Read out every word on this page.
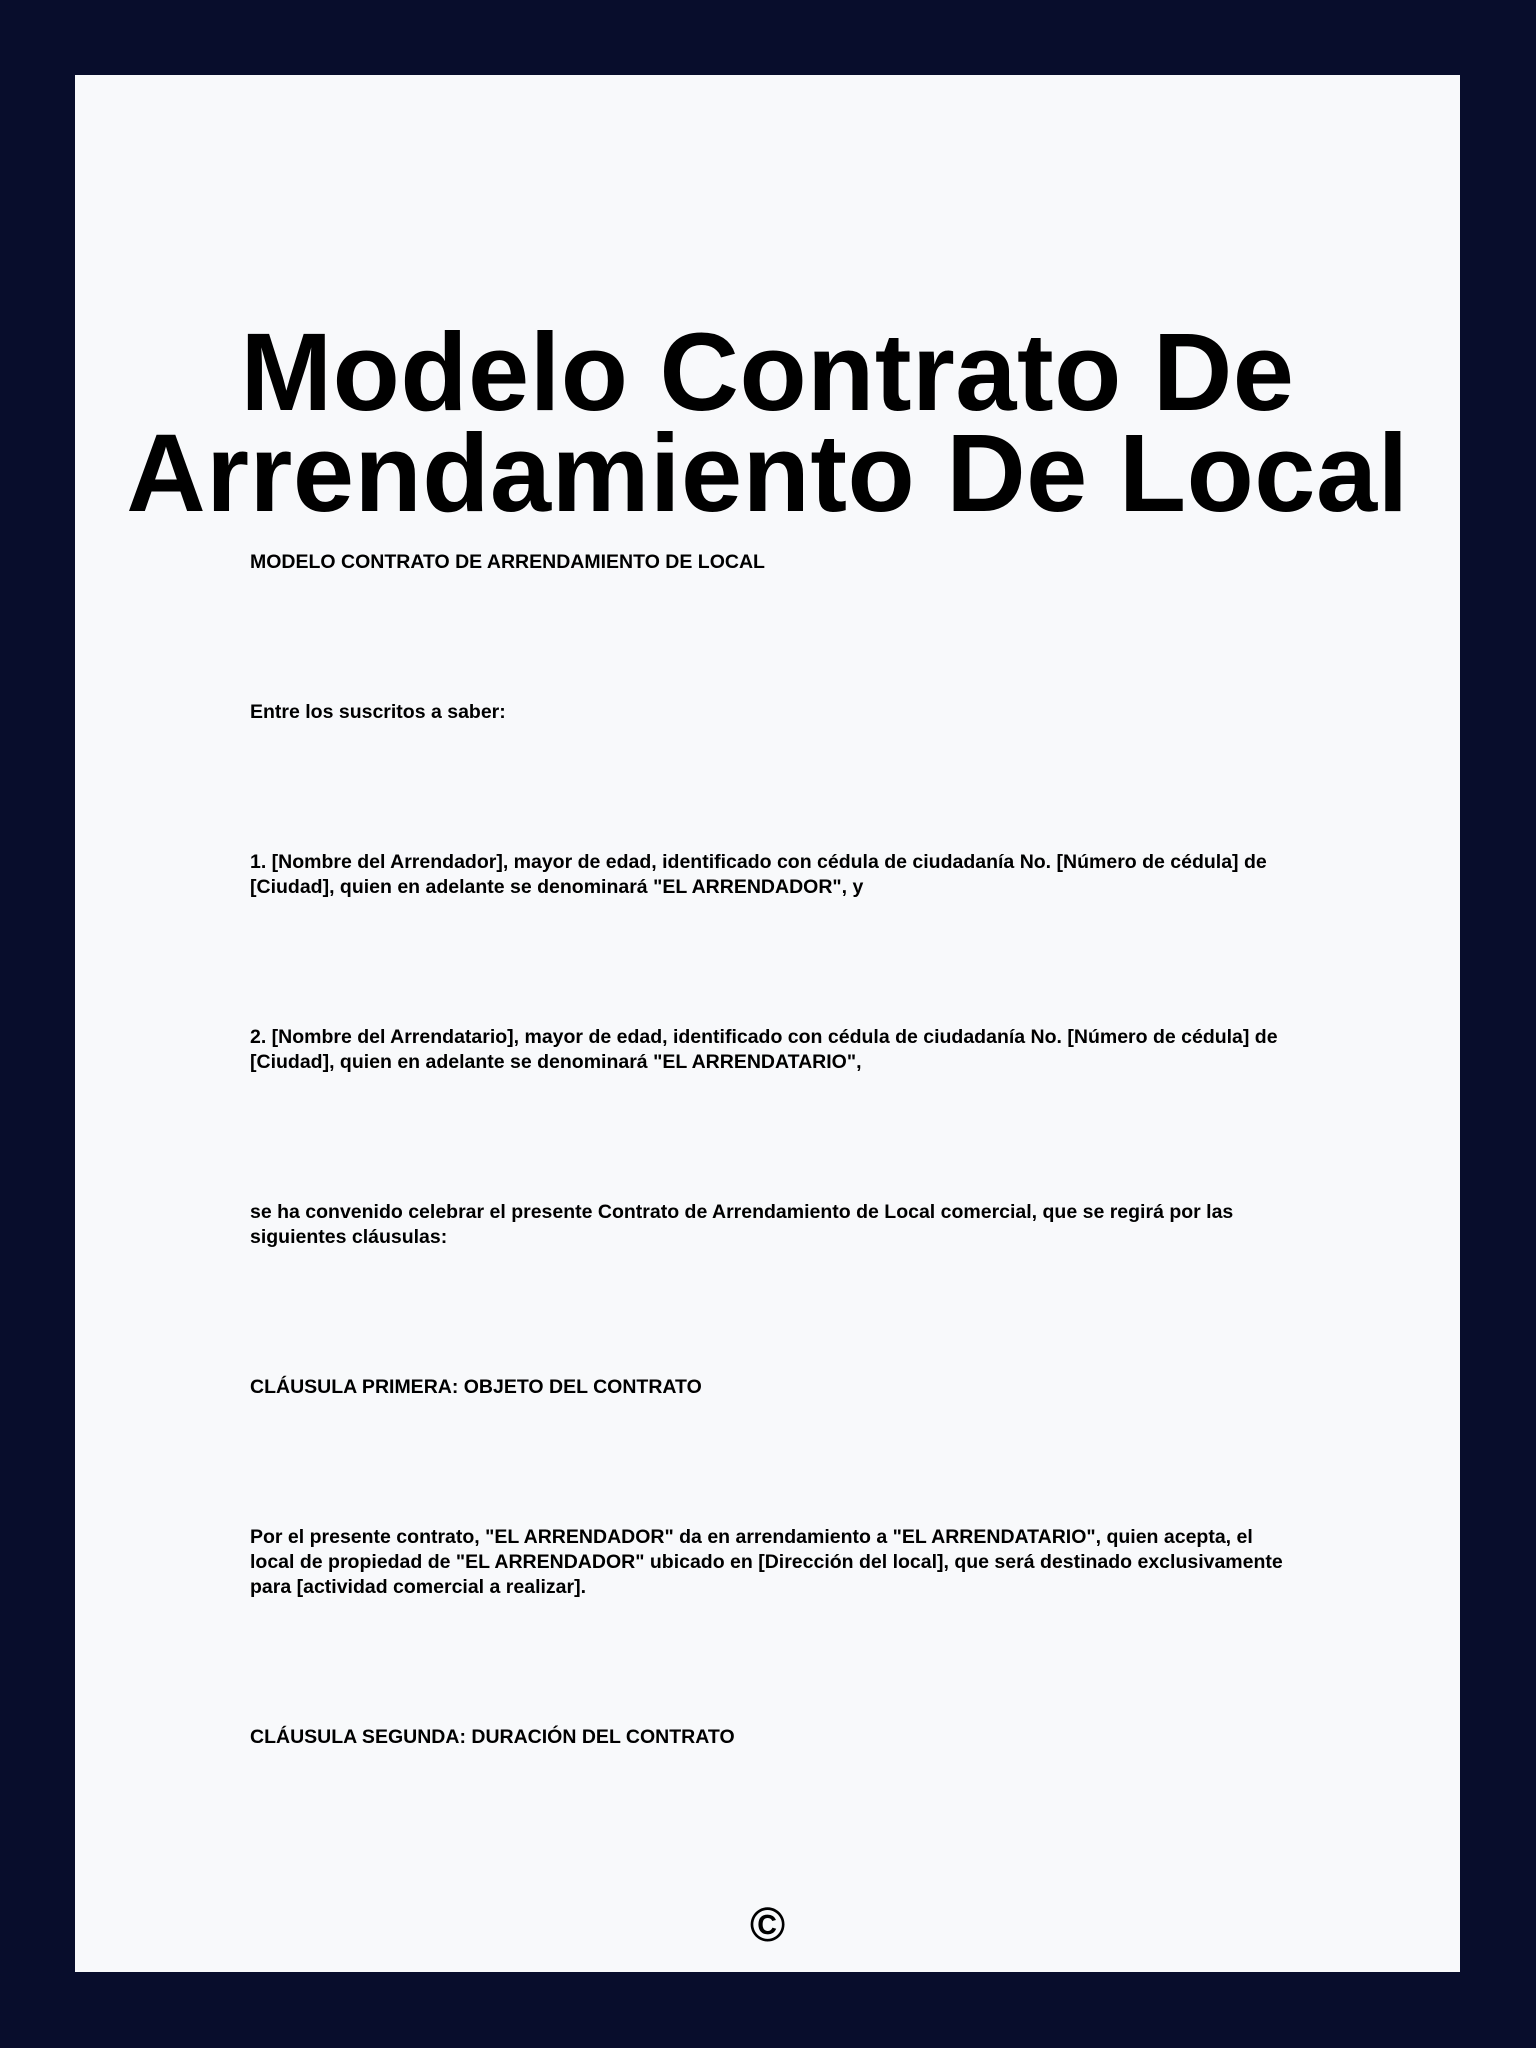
Modelo Contrato De Arrendamiento De Local

MODELO CONTRATO DE ARRENDAMIENTO DE LOCAL

Entre los suscritos a saber:

1. [Nombre del Arrendador], mayor de edad, identificado con cédula de ciudadanía No. [Número de cédula] de [Ciudad], quien en adelante se denominará "EL ARRENDADOR", y

2. [Nombre del Arrendatario], mayor de edad, identificado con cédula de ciudadanía No. [Número de cédula] de [Ciudad], quien en adelante se denominará "EL ARRENDATARIO",

se ha convenido celebrar el presente Contrato de Arrendamiento de Local comercial, que se regirá por las siguientes cláusulas:

CLÁUSULA PRIMERA: OBJETO DEL CONTRATO

Por el presente contrato, "EL ARRENDADOR" da en arrendamiento a "EL ARRENDATARIO", quien acepta, el local de propiedad de "EL ARRENDADOR" ubicado en [Dirección del local], que será destinado exclusivamente para [actividad comercial a realizar].

CLÁUSULA SEGUNDA: DURACIÓN DEL CONTRATO

©
